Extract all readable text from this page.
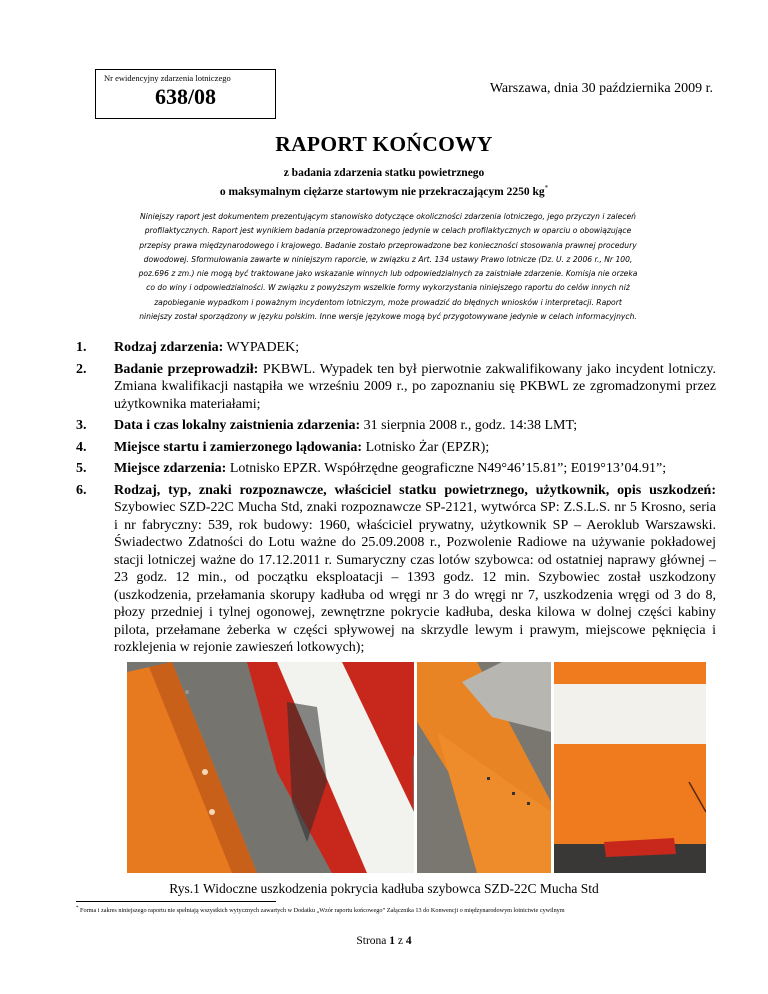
Nr ewidencyjny zdarzenia lotniczego
638/08	Warszawa, dnia 30 października 2009 r.
RAPORT KOŃCOWY
z badania zdarzenia statku powietrznego
o maksymalnym ciężarze startowym nie przekraczającym 2250 kg*
Niniejszy raport jest dokumentem prezentującym stanowisko dotyczące okoliczności zdarzenia lotniczego, jego przyczyn i zaleceń
profilaktycznych. Raport jest wynikiem badania przeprowadzonego jedynie w celach profilaktycznych w oparciu o obowiązujące
przepisy prawa międzynarodowego i krajowego. Badanie zostało przeprowadzone bez konieczności stosowania prawnej procedury
dowodowej. Sformułowania zawarte w niniejszym raporcie, w związku z Art. 134 ustawy Prawo lotnicze (Dz. U. z 2006 r., Nr 100,
poz.696 z zm.) nie mogą być traktowane jako wskazanie winnych lub odpowiedzialnych za zaistniałe zdarzenie. Komisja nie orzeka
co do winy i odpowiedzialności. W związku z powyższym wszelkie formy wykorzystania niniejszego raportu do celów innych niż
zapobieganie wypadkom i poważnym incydentom lotniczym, może prowadzić do błędnych wniosków i interpretacji. Raport
niniejszy został sporządzony w języku polskim. Inne wersje językowe mogą być przygotowywane jedynie w celach informacyjnych.
1. Rodzaj zdarzenia: WYPADEK;
2. Badanie przeprowadził: PKBWL. Wypadek ten był pierwotnie zakwalifikowany jako incydent lotniczy. Zmiana kwalifikacji nastąpiła we wrześniu 2009 r., po zapoznaniu się PKBWL ze zgromadzonymi przez użytkownika materiałami;
3. Data i czas lokalny zaistnienia zdarzenia: 31 sierpnia 2008 r., godz. 14:38 LMT;
4. Miejsce startu i zamierzonego lądowania: Lotnisko Żar (EPZR);
5. Miejsce zdarzenia: Lotnisko EPZR. Współrzędne geograficzne N49°46’15.81”; E019°13’04.91”;
6. Rodzaj, typ, znaki rozpoznawcze, właściciel statku powietrznego, użytkownik, opis uszkodzeń: Szybowiec SZD-22C Mucha Std, znaki rozpoznawcze SP-2121, wytwórca SP: Z.S.L.S. nr 5 Krosno, seria i nr fabryczny: 539, rok budowy: 1960, właściciel prywatny, użytkownik SP – Aeroklub Warszawski. Świadectwo Zdatności do Lotu ważne do 25.09.2008 r., Pozwolenie Radiowe na używanie pokładowej stacji lotniczej ważne do 17.12.2011 r. Sumaryczny czas lotów szybowca: od ostatniej naprawy głównej – 23 godz. 12 min., od początku eksploatacji – 1393 godz. 12 min. Szybowiec został uszkodzony (uszkodzenia, przełamania skorupy kadłuba od wręgi nr 3 do wręgi nr 7, uszkodzenia wręgi od 3 do 8, płozy przedniej i tylnej ogonowej, zewnętrzne pokrycie kadłuba, deska kilowa w dolnej części kabiny pilota, przełamane żeberka w części spływowej na skrzydle lewym i prawym, miejscowe pęknięcia i rozklejenia w rejonie zawieszeń lotkowych);
Rys.1 Widoczne uszkodzenia pokrycia kadłuba szybowca SZD-22C Mucha Std
* Forma i zakres niniejszego raportu nie spełniają wszystkich wytycznych zawartych w Dodatku „Wzór raportu końcowego” Załącznika 13 do Konwencji o międzynarodowym lotnictwie cywilnym
Strona 1 z 4
